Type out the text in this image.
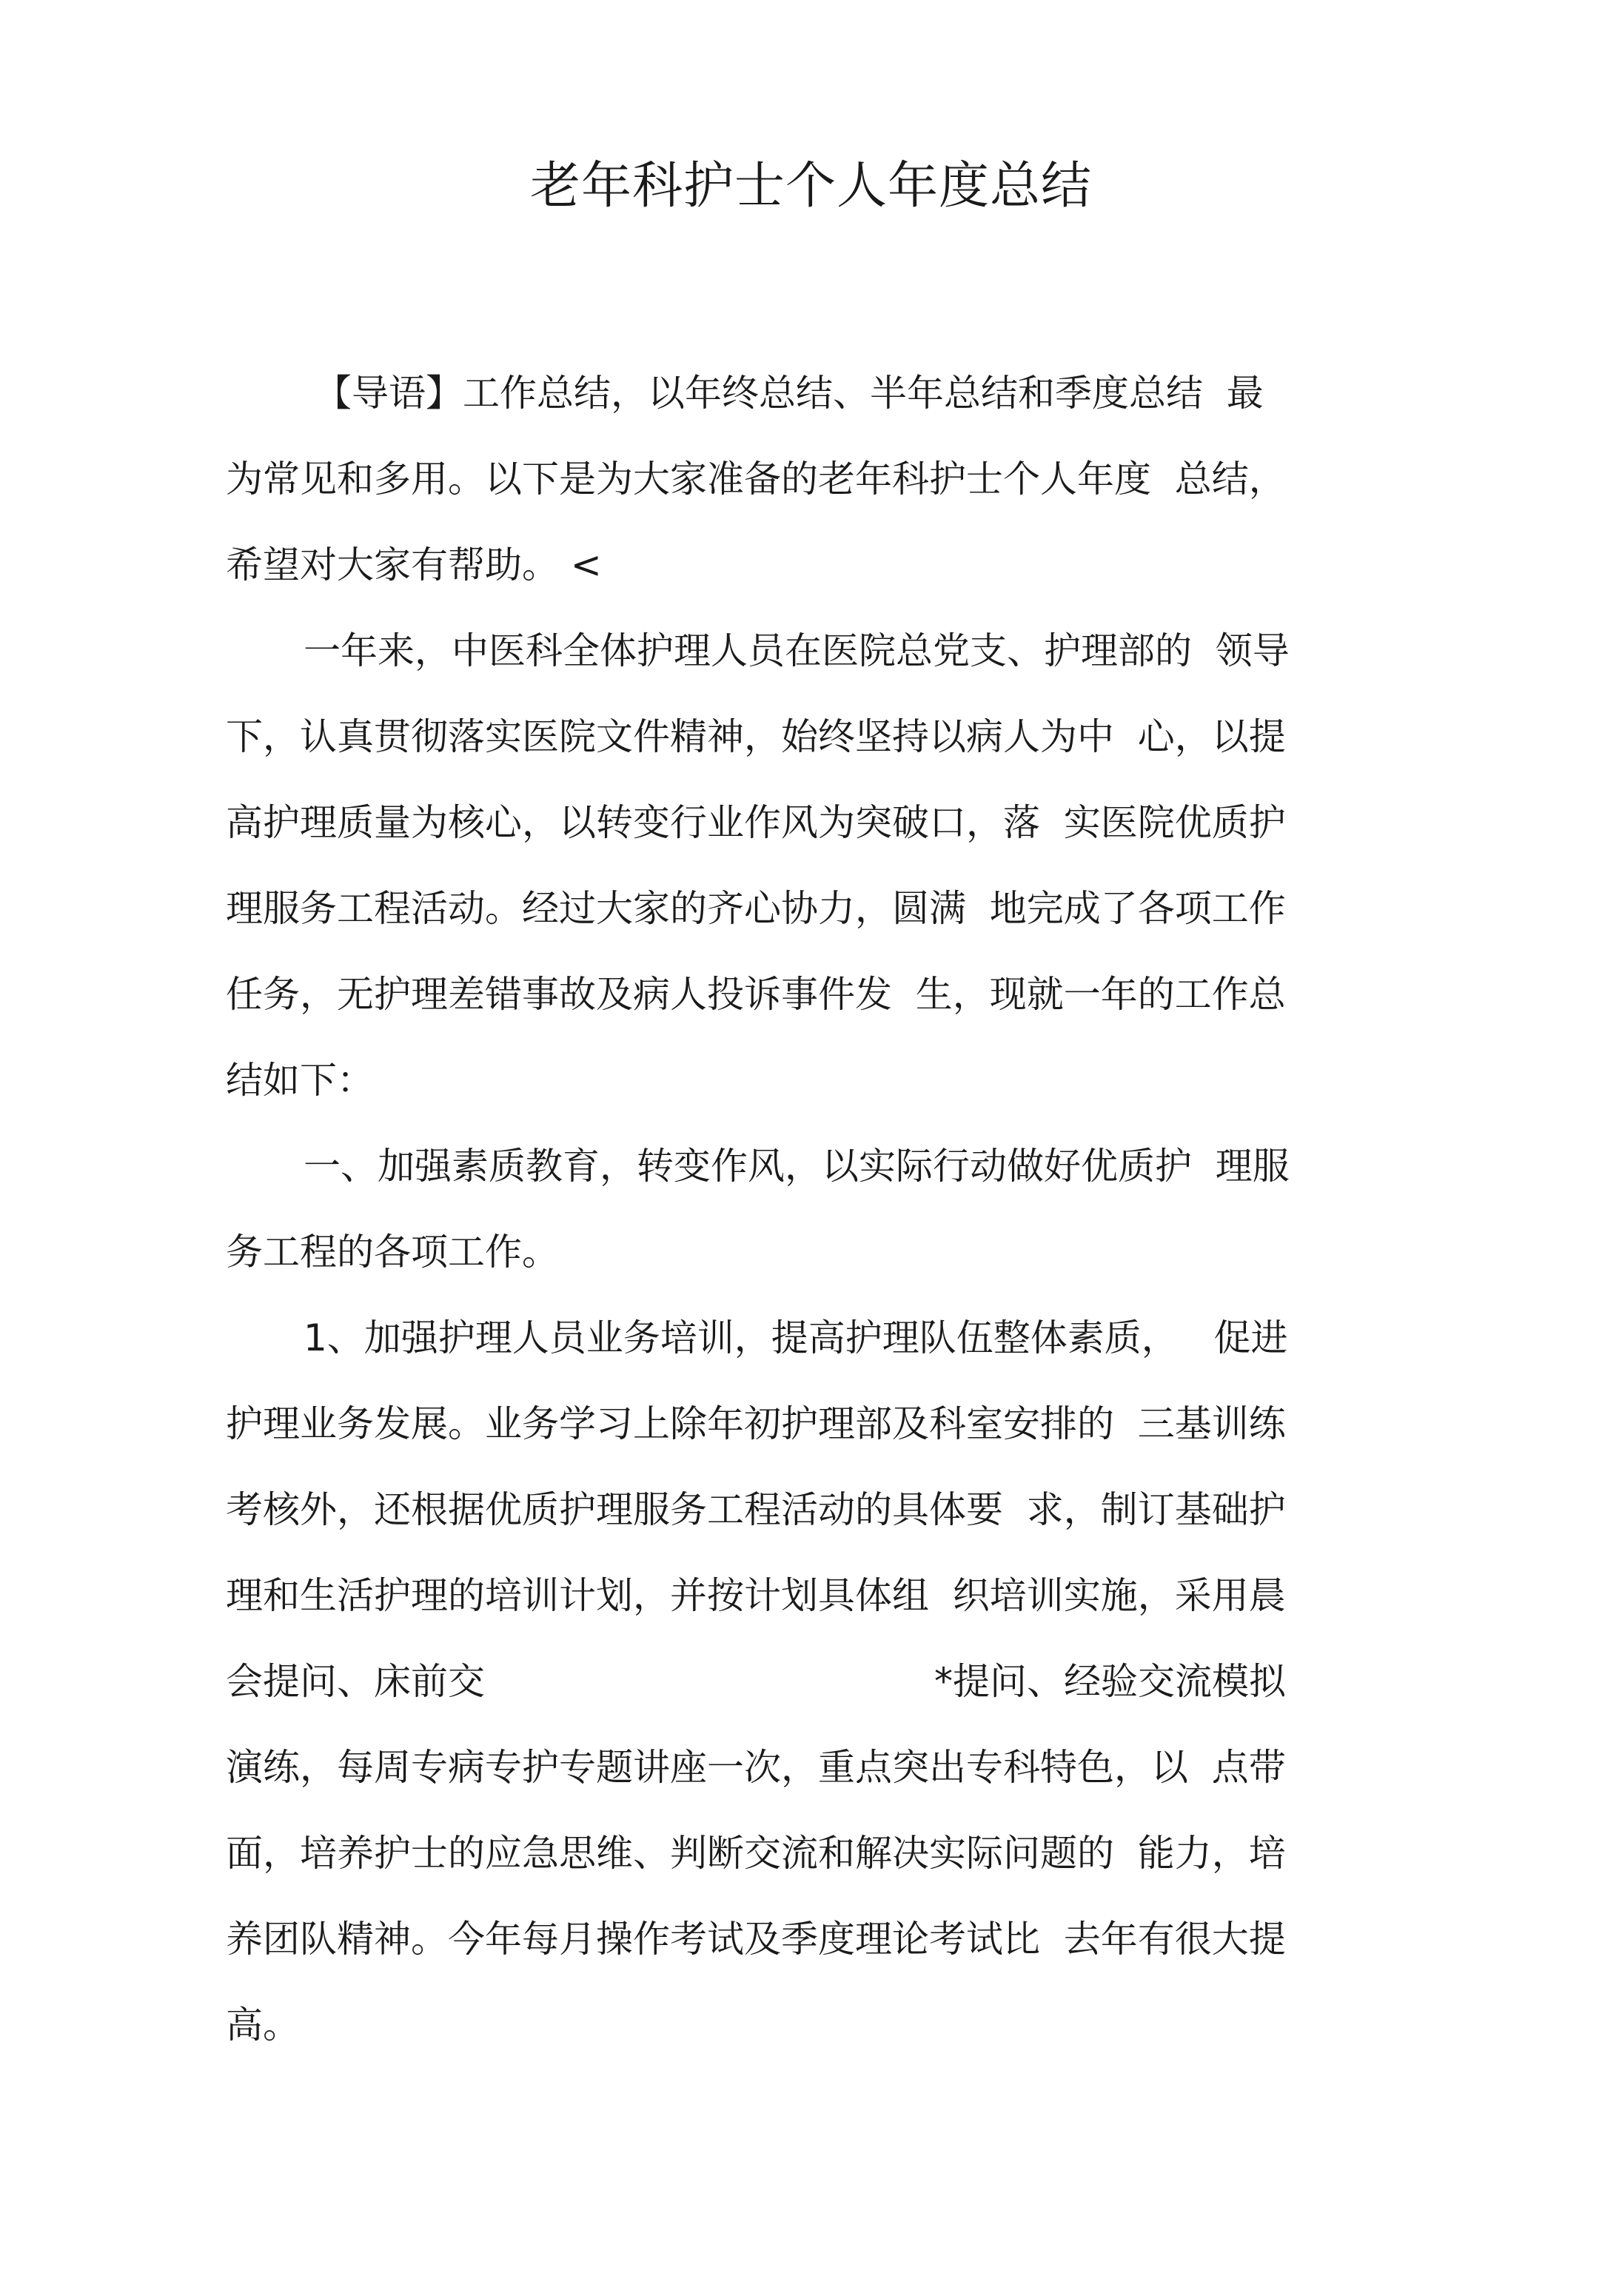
老年科护士个人年度总结
【导语】工作总结，以年终总结、半年总结和季度总结  最
为常见和多用。以下是为大家准备的老年科护士个人年度  总结，
希望对大家有帮助。 <
一年来，中医科全体护理人员在医院总党支、护理部的  领导
下，认真贯彻落实医院文件精神，始终坚持以病人为中  心，以提
高护理质量为核心，以转变行业作风为突破口，落  实医院优质护
理服务工程活动。经过大家的齐心协力，圆满  地完成了各项工作
任务，无护理差错事故及病人投诉事件发  生，现就一年的工作总
结如下：
一、加强素质教育，转变作风，以实际行动做好优质护  理服
务工程的各项工作。
1、加强护理人员业务培训，提高护理队伍整体素质，   促进
护理业务发展。业务学习上除年初护理部及科室安排的  三基训练
考核外，还根据优质护理服务工程活动的具体要  求，制订基础护
理和生活护理的培训计划，并按计划具体组  织培训实施，采用晨
会提问、床前交	*提问、经验交流模拟
演练，每周专病专护专题讲座一次，重点突出专科特色，以  点带
面，培养护士的应急思维、判断交流和解决实际问题的  能力，培
养团队精神。今年每月操作考试及季度理论考试比  去年有很大提
高。
